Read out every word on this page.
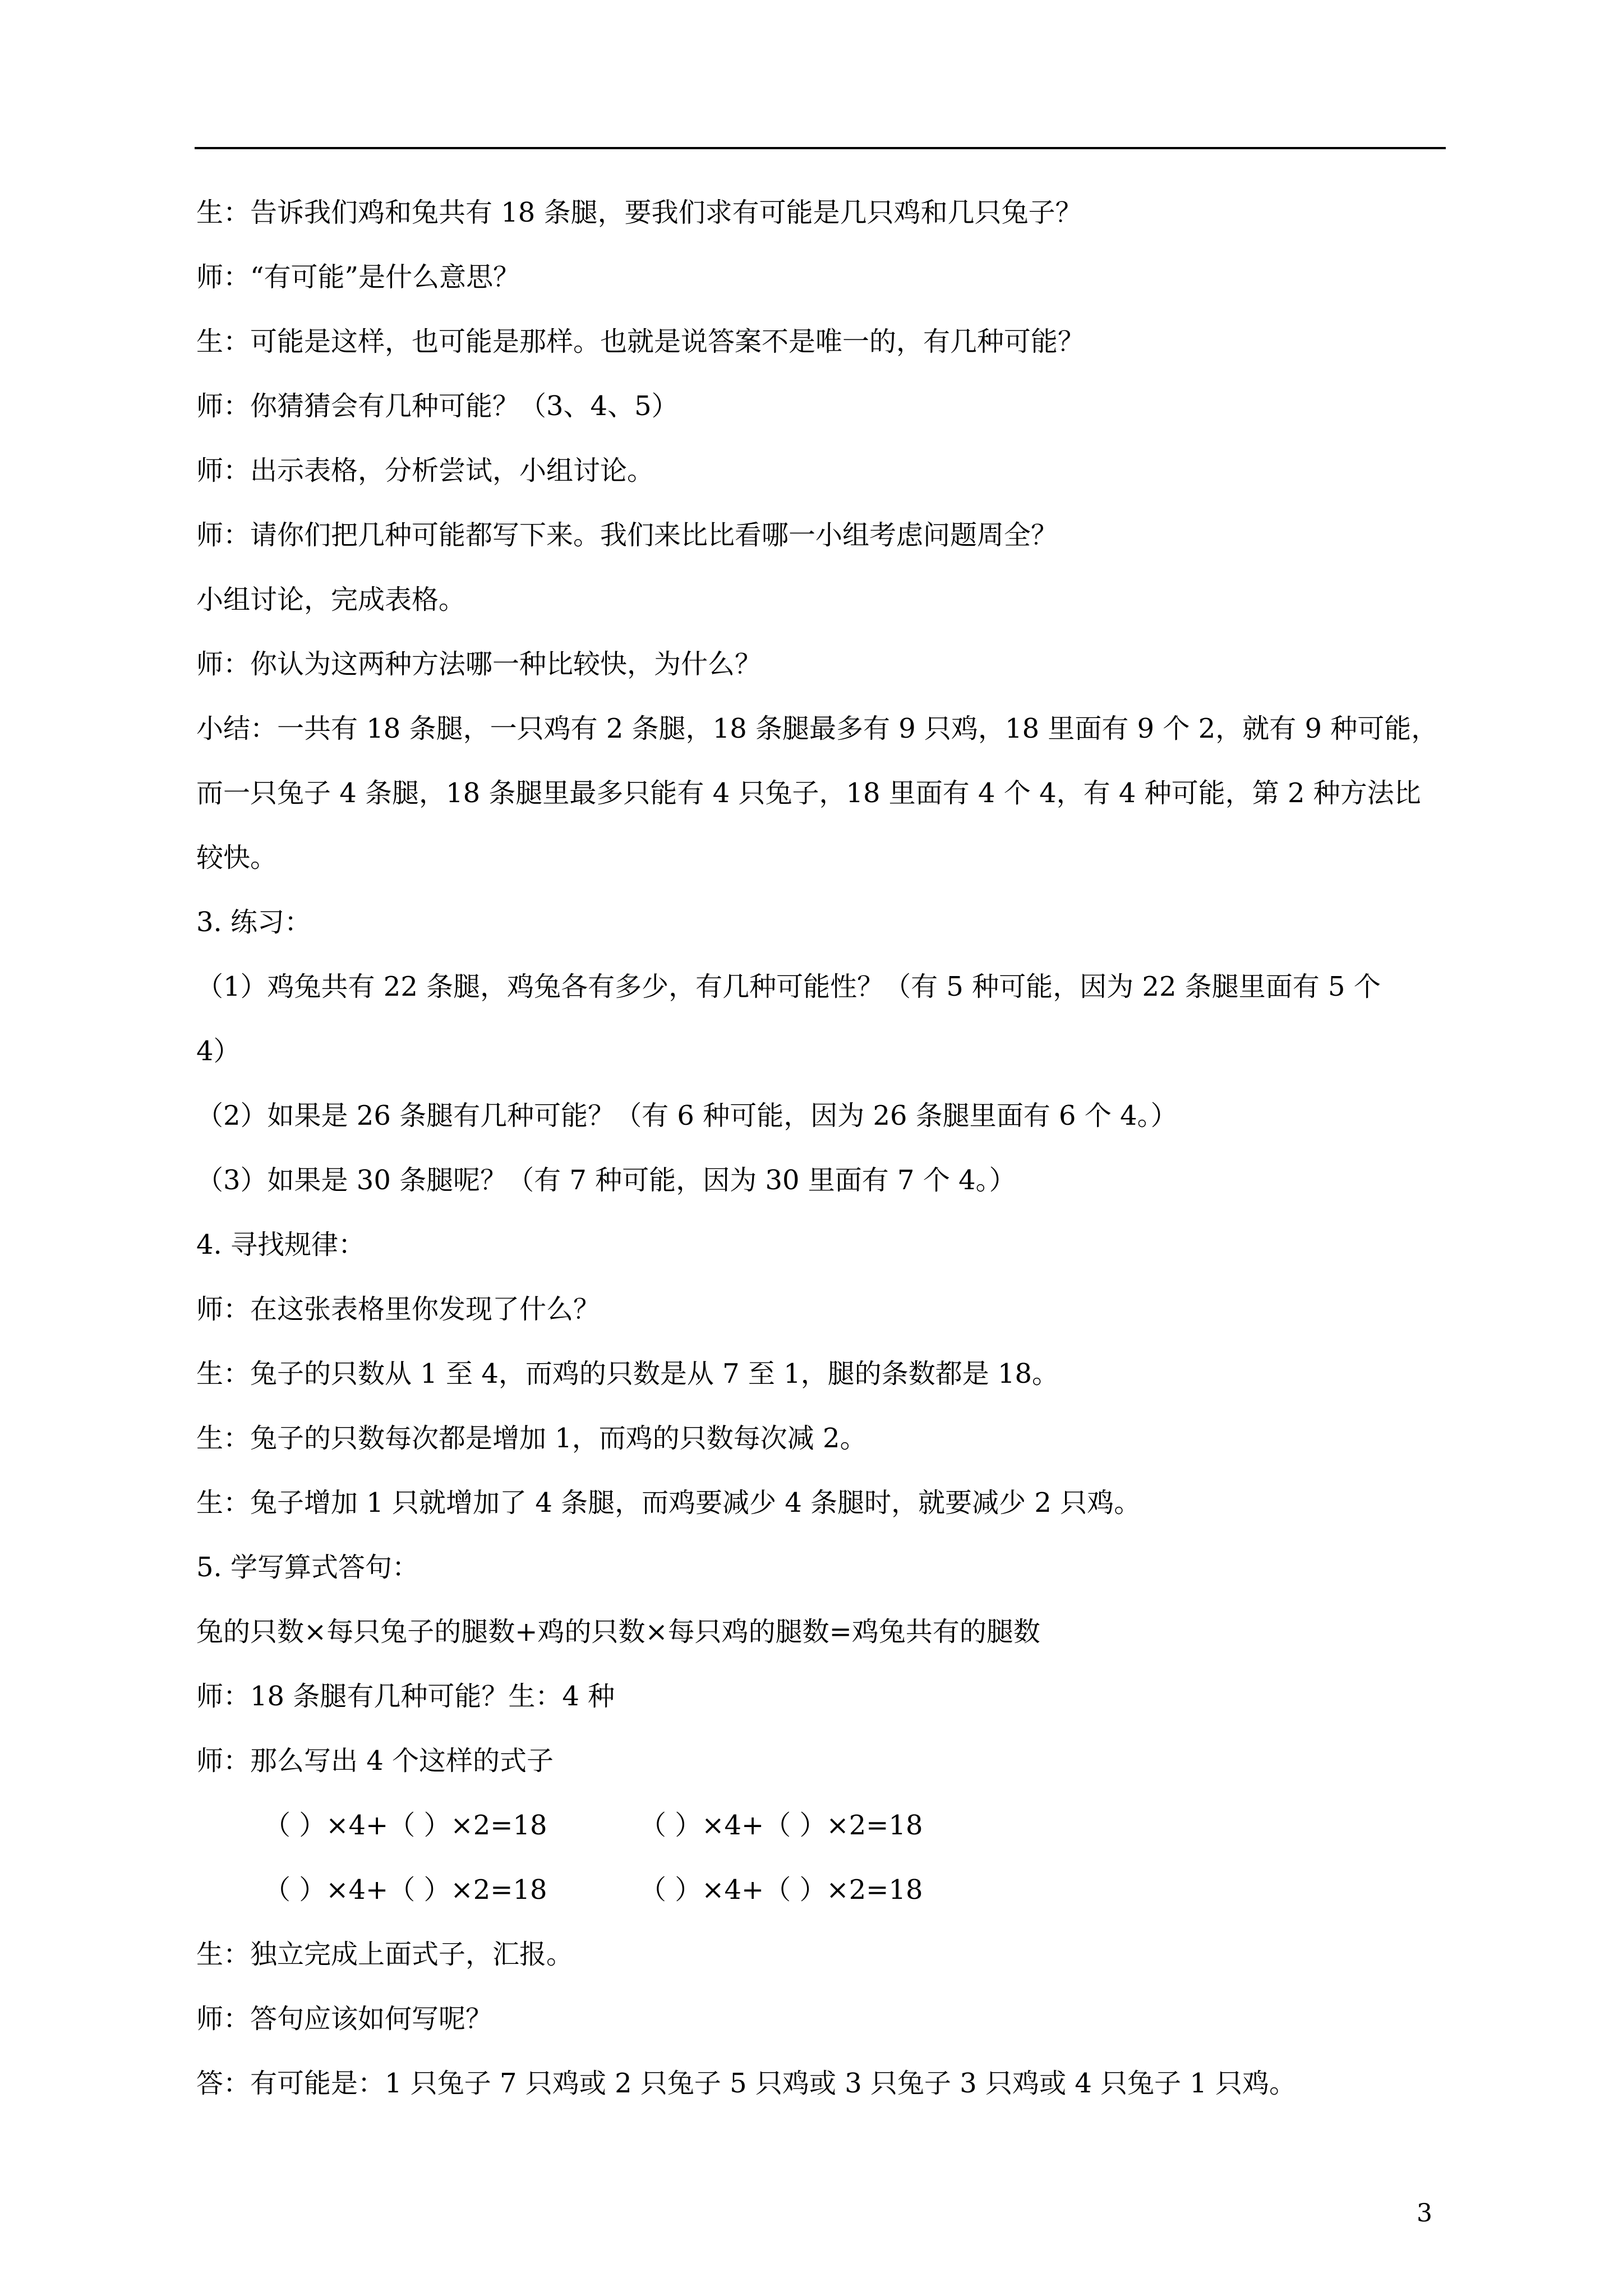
生：告诉我们鸡和兔共有 18 条腿，要我们求有可能是几只鸡和几只兔子？

师：“有可能”是什么意思？

生：可能是这样，也可能是那样。也就是说答案不是唯一的，有几种可能？

师：你猜猜会有几种可能？（3、4、5）

师：出示表格，分析尝试，小组讨论。

师：请你们把几种可能都写下来。我们来比比看哪一小组考虑问题周全？

小组讨论，完成表格。

师：你认为这两种方法哪一种比较快，为什么？

小结：一共有 18 条腿，一只鸡有 2 条腿，18 条腿最多有 9 只鸡，18 里面有 9 个 2，就有 9 种可能，

而一只兔子 4 条腿，18 条腿里最多只能有 4 只兔子，18 里面有 4 个 4，有 4 种可能，第 2 种方法比

较快。

3. 练习：

（1）鸡兔共有 22 条腿，鸡兔各有多少，有几种可能性？（有 5 种可能，因为 22 条腿里面有 5 个

4）

（2）如果是 26 条腿有几种可能？（有 6 种可能，因为 26 条腿里面有 6 个 4。）

（3）如果是 30 条腿呢？（有 7 种可能，因为 30 里面有 7 个 4。）

4. 寻找规律：

师：在这张表格里你发现了什么？

生：兔子的只数从 1 至 4，而鸡的只数是从 7 至 1，腿的条数都是 18。

生：兔子的只数每次都是增加 1，而鸡的只数每次减 2。

生：兔子增加 1 只就增加了 4 条腿，而鸡要减少 4 条腿时，就要减少 2 只鸡。

5. 学写算式答句：

兔的只数×每只兔子的腿数+鸡的只数×每只鸡的腿数=鸡兔共有的腿数

师：18 条腿有几种可能？生：4 种

师：那么写出 4 个这样的式子

（ ）×4+（ ）×2=18	（ ）×4+（ ）×2=18
（ ）×4+（ ）×2=18	（ ）×4+（ ）×2=18

生：独立完成上面式子，汇报。

师：答句应该如何写呢？

答：有可能是：1 只兔子 7 只鸡或 2 只兔子 5 只鸡或 3 只兔子 3 只鸡或 4 只兔子 1 只鸡。

3
